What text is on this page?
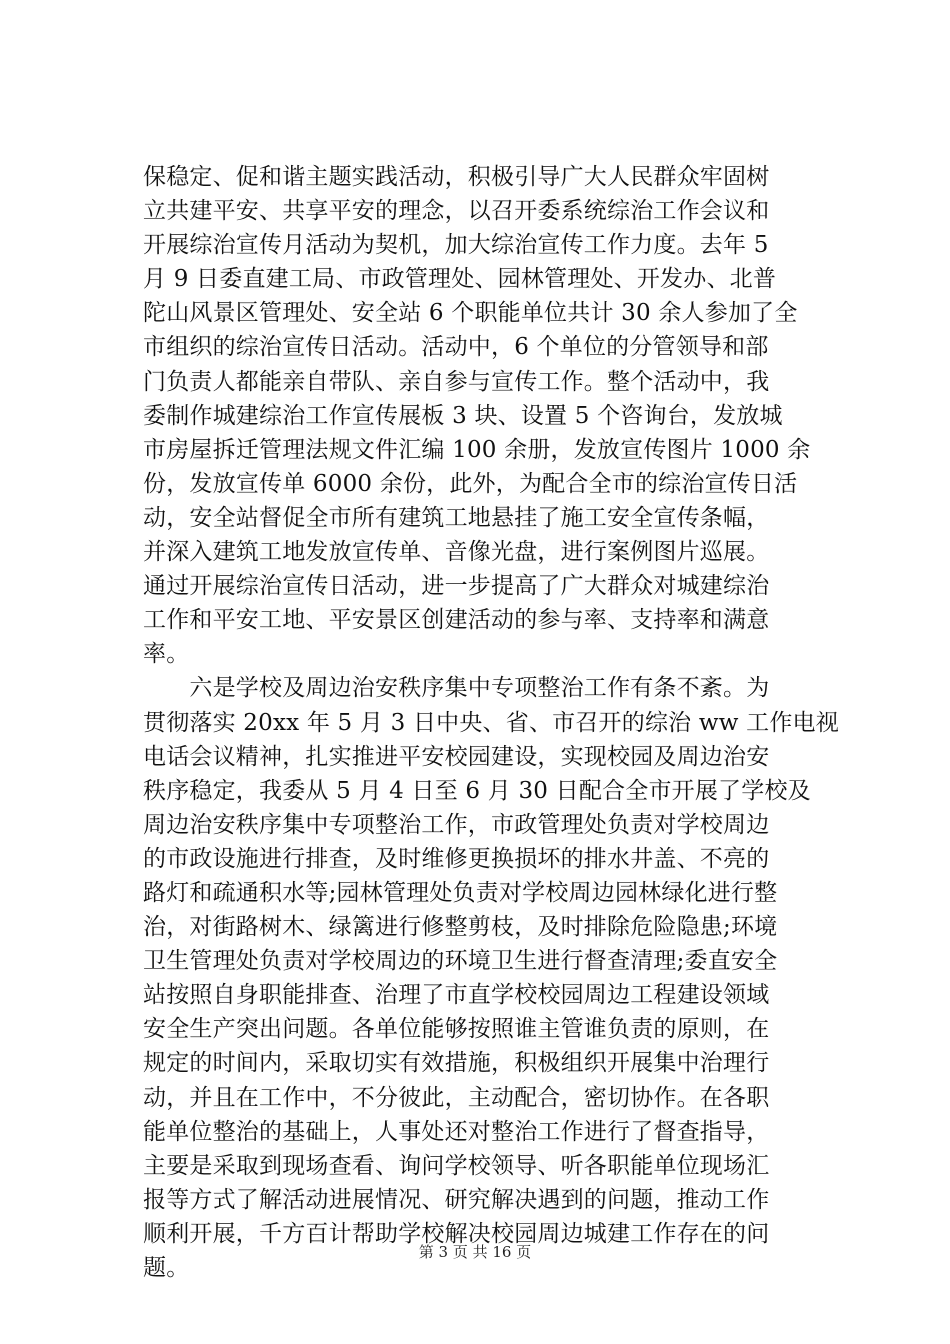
保稳定、促和谐主题实践活动，积极引导广大人民群众牢固树
立共建平安、共享平安的理念，以召开委系统综治工作会议和
开展综治宣传月活动为契机，加大综治宣传工作力度。去年 5
月 9 日委直建工局、市政管理处、园林管理处、开发办、北普
陀山风景区管理处、安全站 6 个职能单位共计 30 余人参加了全
市组织的综治宣传日活动。活动中，6 个单位的分管领导和部
门负责人都能亲自带队、亲自参与宣传工作。整个活动中，我
委制作城建综治工作宣传展板 3 块、设置 5 个咨询台，发放城
市房屋拆迁管理法规文件汇编 100 余册，发放宣传图片 1000 余
份，发放宣传单 6000 余份，此外，为配合全市的综治宣传日活
动，安全站督促全市所有建筑工地悬挂了施工安全宣传条幅，
并深入建筑工地发放宣传单、音像光盘，进行案例图片巡展。
通过开展综治宣传日活动，进一步提高了广大群众对城建综治
工作和平安工地、平安景区创建活动的参与率、支持率和满意
率。
　　六是学校及周边治安秩序集中专项整治工作有条不紊。为
贯彻落实 20xx 年 5 月 3 日中央、省、市召开的综治 ww 工作电视
电话会议精神，扎实推进平安校园建设，实现校园及周边治安
秩序稳定，我委从 5 月 4 日至 6 月 30 日配合全市开展了学校及
周边治安秩序集中专项整治工作，市政管理处负责对学校周边
的市政设施进行排查，及时维修更换损坏的排水井盖、不亮的
路灯和疏通积水等;园林管理处负责对学校周边园林绿化进行整
治，对街路树木、绿篱进行修整剪枝，及时排除危险隐患;环境
卫生管理处负责对学校周边的环境卫生进行督查清理;委直安全
站按照自身职能排查、治理了市直学校校园周边工程建设领域
安全生产突出问题。各单位能够按照谁主管谁负责的原则，在
规定的时间内，采取切实有效措施，积极组织开展集中治理行
动，并且在工作中，不分彼此，主动配合，密切协作。在各职
能单位整治的基础上，人事处还对整治工作进行了督查指导，
主要是采取到现场查看、询问学校领导、听各职能单位现场汇
报等方式了解活动进展情况、研究解决遇到的问题，推动工作
顺利开展，千方百计帮助学校解决校园周边城建工作存在的问
题。
第 3 页 共 16 页
